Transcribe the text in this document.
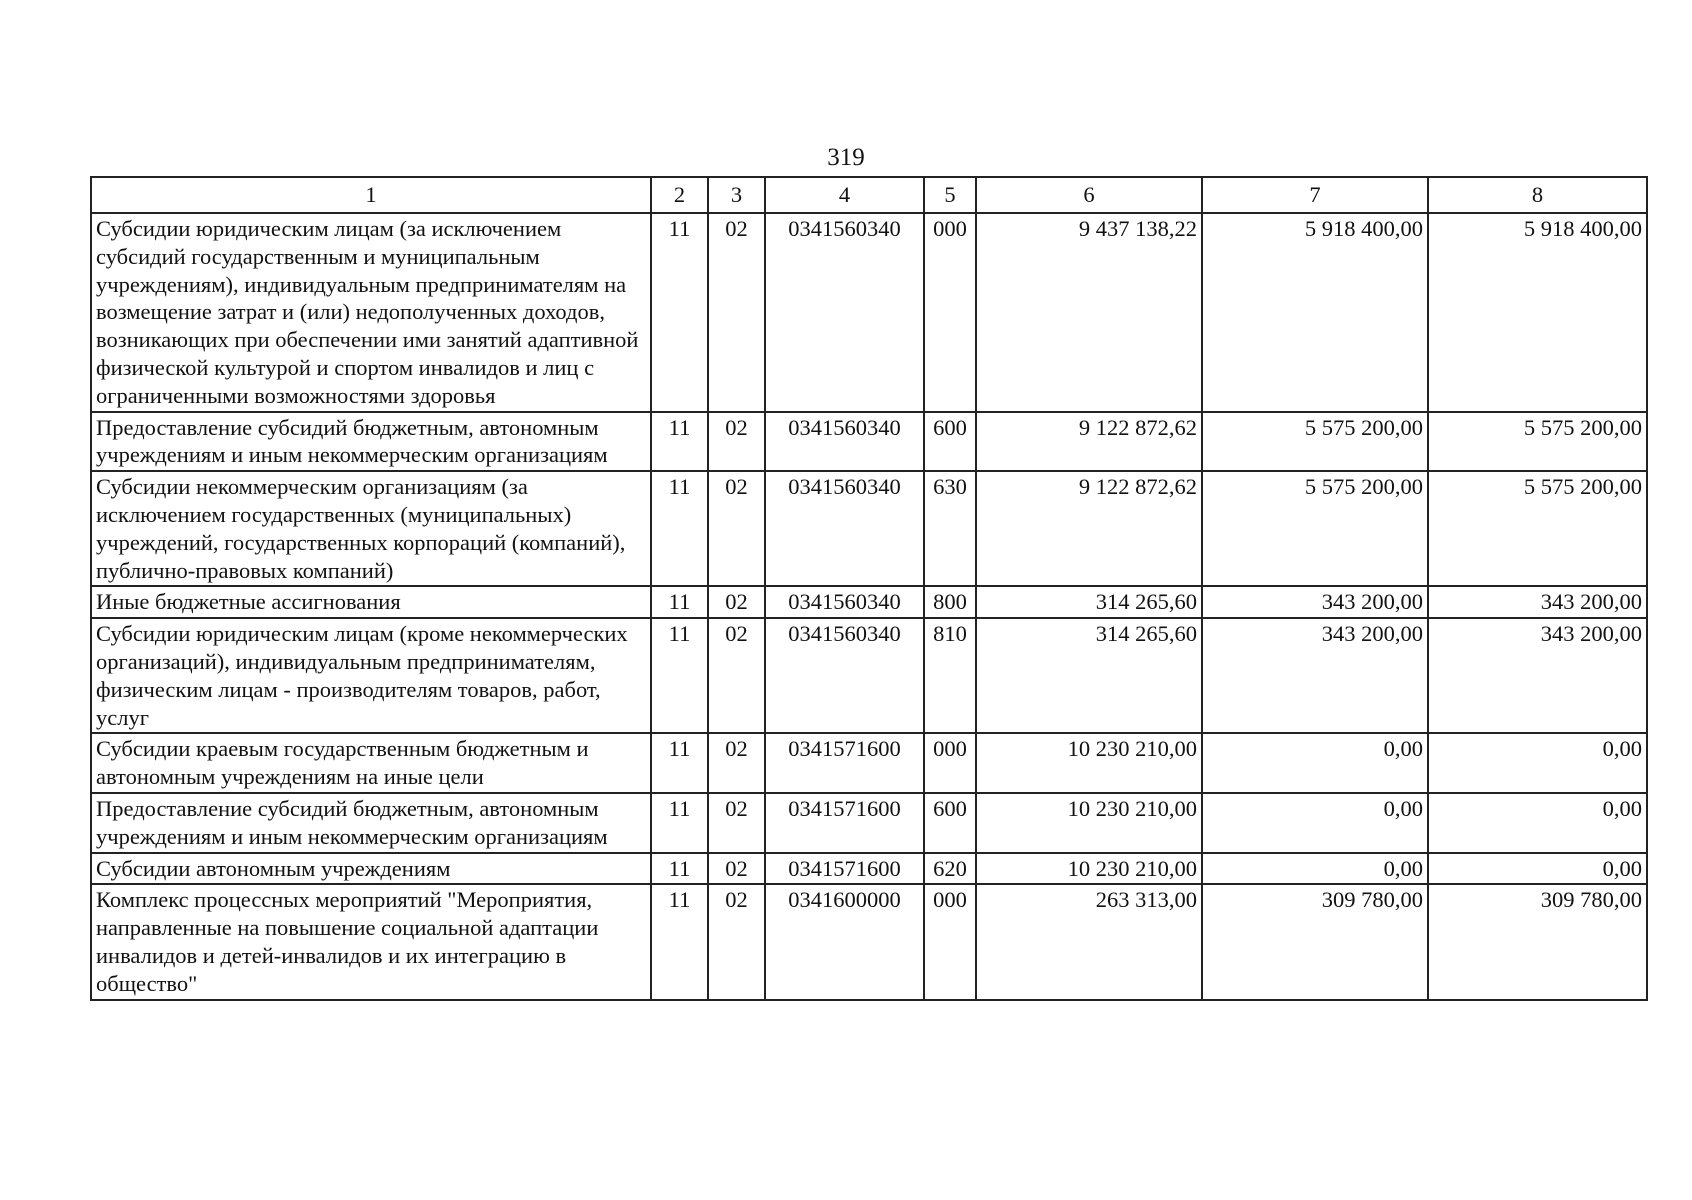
319
1	2	3	4	5	6	7	8
Субсидии юридическим лицам (за исключением субсидий государственным и муниципальным учреждениям), индивидуальным предпринимателям на возмещение затрат и (или) недополученных доходов, возникающих при обеспечении ими занятий адаптивной физической культурой и спортом инвалидов и лиц с ограниченными возможностями здоровья	11	02	0341560340	000	9 437 138,22	5 918 400,00	5 918 400,00
Предоставление субсидий бюджетным, автономным учреждениям и иным некоммерческим организациям	11	02	0341560340	600	9 122 872,62	5 575 200,00	5 575 200,00
Субсидии некоммерческим организациям (за исключением государственных (муниципальных) учреждений, государственных корпораций (компаний), публично-правовых компаний)	11	02	0341560340	630	9 122 872,62	5 575 200,00	5 575 200,00
Иные бюджетные ассигнования	11	02	0341560340	800	314 265,60	343 200,00	343 200,00
Субсидии юридическим лицам (кроме некоммерческих организаций), индивидуальным предпринимателям, физическим лицам - производителям товаров, работ, услуг	11	02	0341560340	810	314 265,60	343 200,00	343 200,00
Субсидии краевым государственным бюджетным и автономным учреждениям на иные цели	11	02	0341571600	000	10 230 210,00	0,00	0,00
Предоставление субсидий бюджетным, автономным учреждениям и иным некоммерческим организациям	11	02	0341571600	600	10 230 210,00	0,00	0,00
Субсидии автономным учреждениям	11	02	0341571600	620	10 230 210,00	0,00	0,00
Комплекс процессных мероприятий "Мероприятия, направленные на повышение социальной адаптации инвалидов и детей-инвалидов и их интеграцию в общество"	11	02	0341600000	000	263 313,00	309 780,00	309 780,00
